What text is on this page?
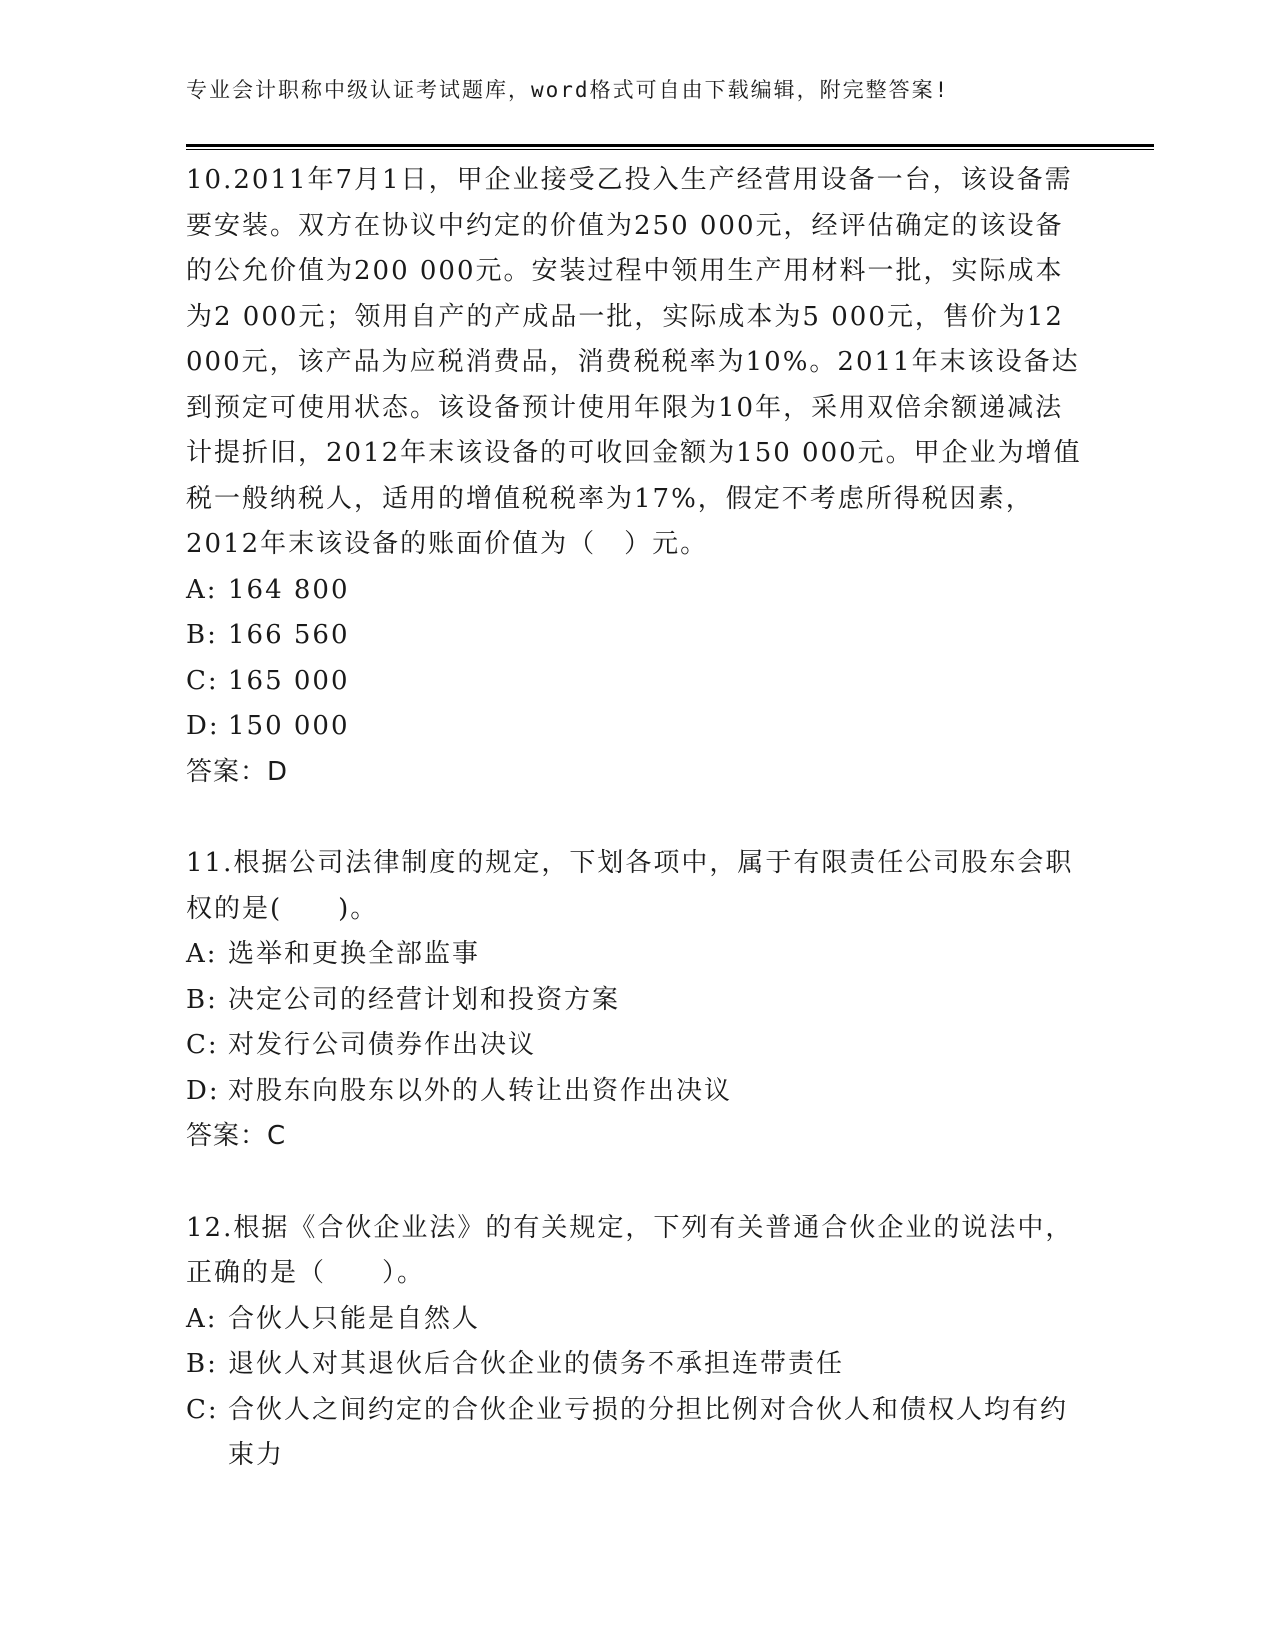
专业会计职称中级认证考试题库，word格式可自由下载编辑，附完整答案!

10.2011年7月1日，甲企业接受乙投入生产经营用设备一台，该设备需要安装。双方在协议中约定的价值为250 000元，经评估确定的该设备的公允价值为200 000元。安装过程中领用生产用材料一批，实际成本为2 000元；领用自产的产成品一批，实际成本为5 000元，售价为12 000元，该产品为应税消费品，消费税税率为10%。2011年末该设备达到预定可使用状态。该设备预计使用年限为10年，采用双倍余额递减法计提折旧，2012年末该设备的可收回金额为150 000元。甲企业为增值税一般纳税人，适用的增值税税率为17%，假定不考虑所得税因素，2012年末该设备的账面价值为（　）元。

A: 164 800
B: 166 560
C: 165 000
D: 150 000

答案：D

11.根据公司法律制度的规定，下划各项中，属于有限责任公司股东会职权的是(　　)。

A: 选举和更换全部监事
B: 决定公司的经营计划和投资方案
C: 对发行公司债券作出决议
D: 对股东向股东以外的人转让出资作出决议

答案：C

12.根据《合伙企业法》的有关规定，下列有关普通合伙企业的说法中，正确的是（　　）。

A: 合伙人只能是自然人
B: 退伙人对其退伙后合伙企业的债务不承担连带责任
C: 合伙人之间约定的合伙企业亏损的分担比例对合伙人和债权人均有约束力
